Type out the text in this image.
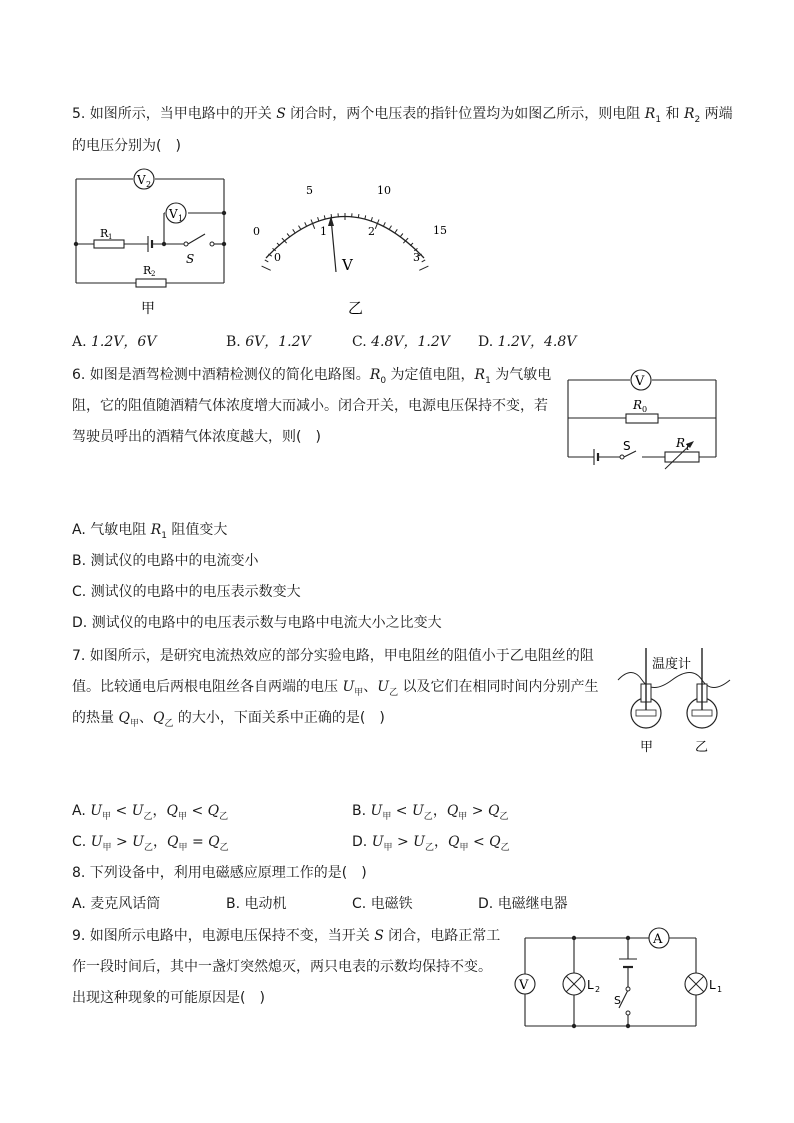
5. 如图所示，当甲电路中的开关 S 闭合时，两个电压表的指针位置均为如图乙所示，则电阻 $R_1$ 和 $R_2$ 两端
的电压分别为(　)
V 2
V 1
R 1
S
R 2
甲
0
5	10
15
0
1	2
3
V
乙
A. 1.2V，6V	B. 6V，1.2V	C. 4.8V，1.2V D. 1.2V，4.8V
6. 如图是酒驾检测中酒精检测仪的简化电路图。$R_0$ 为定值电阻，$R_1$ 为气敏电
阻，它的阻值随酒精气体浓度增大而减小。闭合开关，电源电压保持不变，若
驾驶员呼出的酒精气体浓度越大，则(　)
V
R 0
S	R 1
A. 气敏电阻 $R_1$ 阻值变大
B. 测试仪的电路中的电流变小
C. 测试仪的电路中的电压表示数变大
D. 测试仪的电路中的电压表示数与电路中电流大小之比变大
7. 如图所示，是研究电流热效应的部分实验电路，甲电阻丝的阻值小于乙电阻丝的阻
值。比较通电后两根电阻丝各自两端的电压 $U_甲$、$U_乙$ 以及它们在相同时间内分别产生
的热量 $Q_甲$、$Q_乙$ 的大小，下面关系中正确的是(　)
温度计
甲	乙
A. $U_甲 < U_乙$，$Q_甲 < Q_乙$	B. $U_甲 < U_乙$，$Q_甲 > Q_乙$
C. $U_甲 > U_乙$，$Q_甲 = Q_乙$	D. $U_甲 > U_乙$，$Q_甲 < Q_乙$
8. 下列设备中，利用电磁感应原理工作的是(　)
A. 麦克风话筒	B. 电动机	C. 电磁铁	D. 电磁继电器
9. 如图所示电路中，电源电压保持不变，当开关 S 闭合，电路正常工
作一段时间后，其中一盏灯突然熄灭，两只电表的示数均保持不变。
出现这种现象的可能原因是(　)
V
A
L 2	L 1
S
